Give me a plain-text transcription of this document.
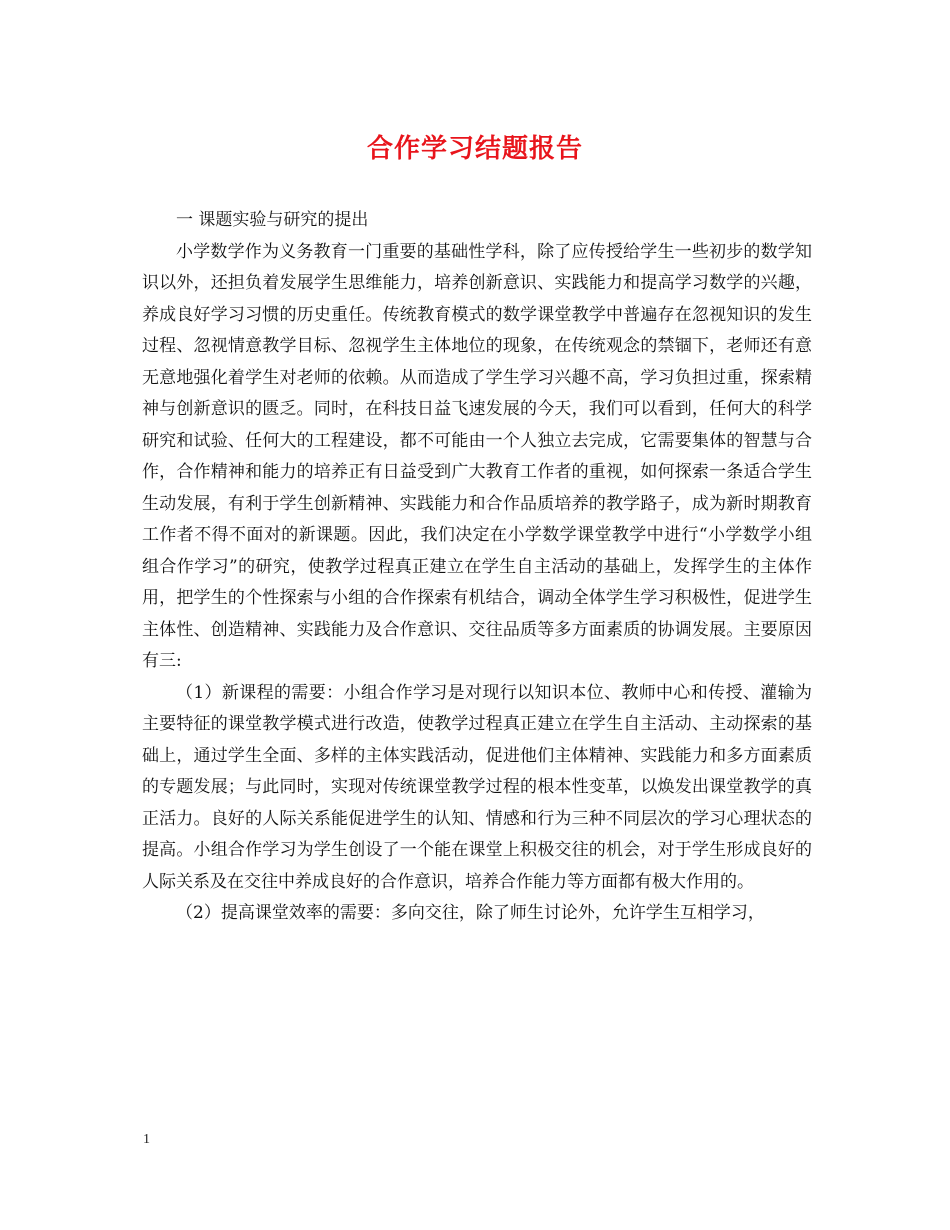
合作学习结题报告

一 课题实验与研究的提出

小学数学作为义务教育一门重要的基础性学科，除了应传授给学生一些初步的数学知识以外，还担负着发展学生思维能力，培养创新意识、实践能力和提高学习数学的兴趣，养成良好学习习惯的历史重任。传统教育模式的数学课堂教学中普遍存在忽视知识的发生过程、忽视情意教学目标、忽视学生主体地位的现象，在传统观念的禁锢下，老师还有意无意地强化着学生对老师的依赖。从而造成了学生学习兴趣不高，学习负担过重，探索精神与创新意识的匮乏。同时，在科技日益飞速发展的今天，我们可以看到，任何大的科学研究和试验、任何大的工程建设，都不可能由一个人独立去完成，它需要集体的智慧与合作，合作精神和能力的培养正有日益受到广大教育工作者的重视，如何探索一条适合学生生动发展，有利于学生创新精神、实践能力和合作品质培养的教学路子，成为新时期教育工作者不得不面对的新课题。因此，我们决定在小学数学课堂教学中进行“小学数学小组组合作学习”的研究，使教学过程真正建立在学生自主活动的基础上，发挥学生的主体作用，把学生的个性探索与小组的合作探索有机结合，调动全体学生学习积极性，促进学生主体性、创造精神、实践能力及合作意识、交往品质等多方面素质的协调发展。主要原因有三:

（1）新课程的需要：小组合作学习是对现行以知识本位、教师中心和传授、灌输为主要特征的课堂教学模式进行改造，使教学过程真正建立在学生自主活动、主动探索的基础上，通过学生全面、多样的主体实践活动，促进他们主体精神、实践能力和多方面素质的专题发展；与此同时，实现对传统课堂教学过程的根本性变革，以焕发出课堂教学的真正活力。良好的人际关系能促进学生的认知、情感和行为三种不同层次的学习心理状态的提高。小组合作学习为学生创设了一个能在课堂上积极交往的机会，对于学生形成良好的人际关系及在交往中养成良好的合作意识，培养合作能力等方面都有极大作用的。

（2）提高课堂效率的需要：多向交往，除了师生讨论外，允许学生互相学习，

1
